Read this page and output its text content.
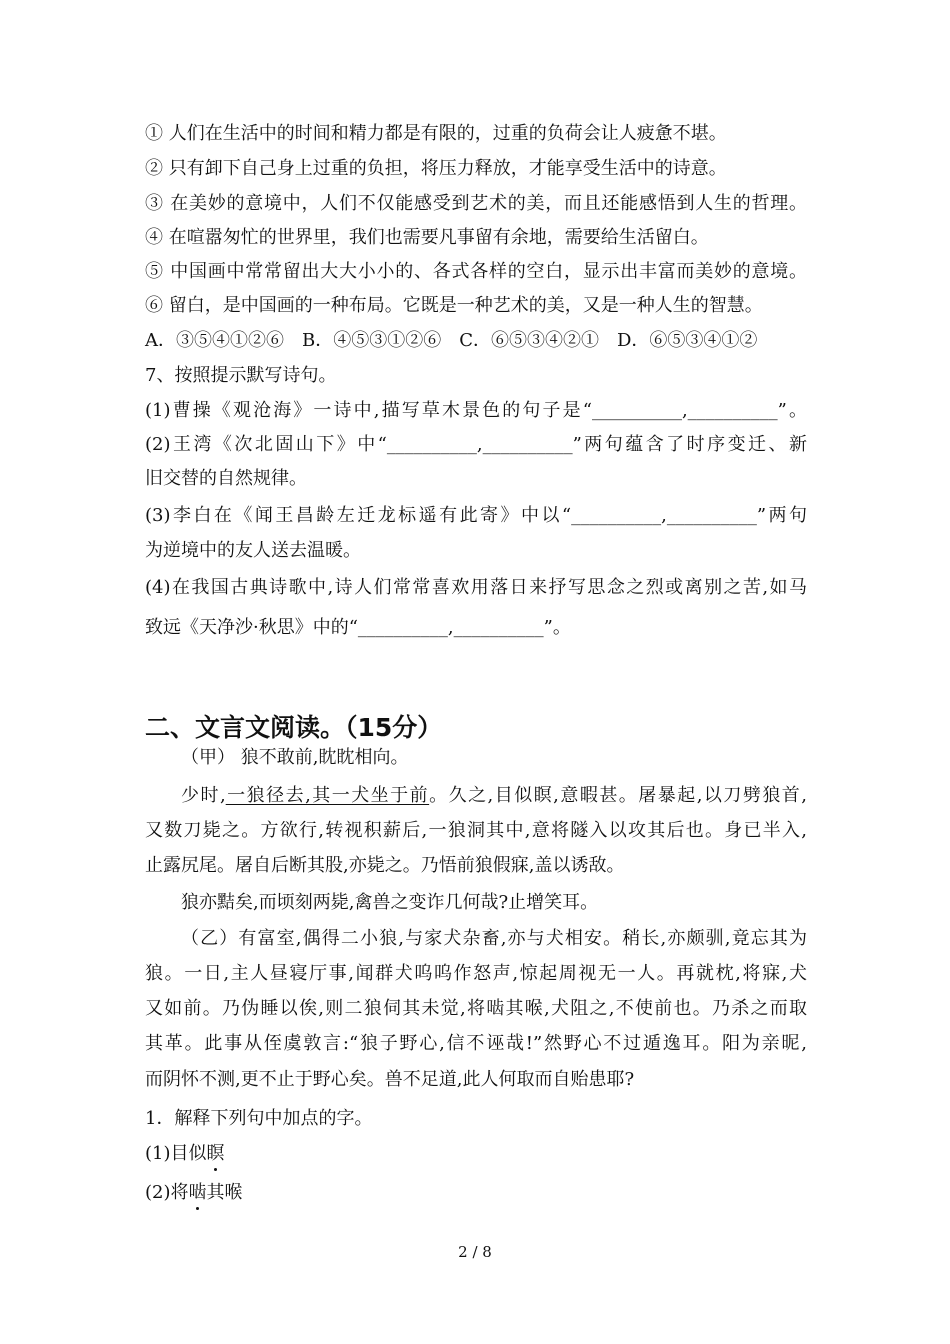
① 人们在生活中的时间和精力都是有限的，过重的负荷会让人疲惫不堪。
② 只有卸下自己身上过重的负担，将压力释放，才能享受生活中的诗意。
③ 在美妙的意境中，人们不仅能感受到艺术的美，而且还能感悟到人生的哲理。
④ 在喧嚣匆忙的世界里，我们也需要凡事留有余地，需要给生活留白。
⑤ 中国画中常常留出大大小小的、各式各样的空白，显示出丰富而美妙的意境。
⑥ 留白，是中国画的一种布局。它既是一种艺术的美，又是一种人生的智慧。
A．③⑤④①②⑥　B．④⑤③①②⑥　C．⑥⑤③④②①　D．⑥⑤③④①②
7、按照提示默写诗句。
(1)曹操《观沧海》一诗中,描写草木景色的句子是“__________,__________”。
(2)王湾《次北固山下》中“__________,__________”两句蕴含了时序变迁、新
旧交替的自然规律。
(3)李白在《闻王昌龄左迁龙标遥有此寄》中以“__________,__________”两句
为逆境中的友人送去温暖。
(4)在我国古典诗歌中,诗人们常常喜欢用落日来抒写思念之烈或离别之苦,如马
致远《天净沙·秋思》中的“__________,__________”。
二、文言文阅读。（15分）
（甲） 狼不敢前,眈眈相向。
少时,一狼径去,其一犬坐于前。久之,目似瞑,意暇甚。屠暴起,以刀劈狼首,
又数刀毙之。方欲行,转视积薪后,一狼洞其中,意将隧入以攻其后也。身已半入,
止露尻尾。屠自后断其股,亦毙之。乃悟前狼假寐,盖以诱敌。
狼亦黠矣,而顷刻两毙,禽兽之变诈几何哉?止增笑耳。
（乙）有富室,偶得二小狼,与家犬杂畜,亦与犬相安。稍长,亦颇驯,竟忘其为
狼。一日,主人昼寝厅事,闻群犬呜呜作怒声,惊起周视无一人。再就枕,将寐,犬
又如前。乃伪睡以俟,则二狼伺其未觉,将啮其喉,犬阻之,不使前也。乃杀之而取
其革。此事从侄虞敦言:“狼子野心,信不诬哉!”然野心不过遁逸耳。阳为亲昵,
而阴怀不测,更不止于野心矣。兽不足道,此人何取而自贻患耶?
1．解释下列句中加点的字。
(1)目似瞑
(2)将啮其喉
2 / 8
